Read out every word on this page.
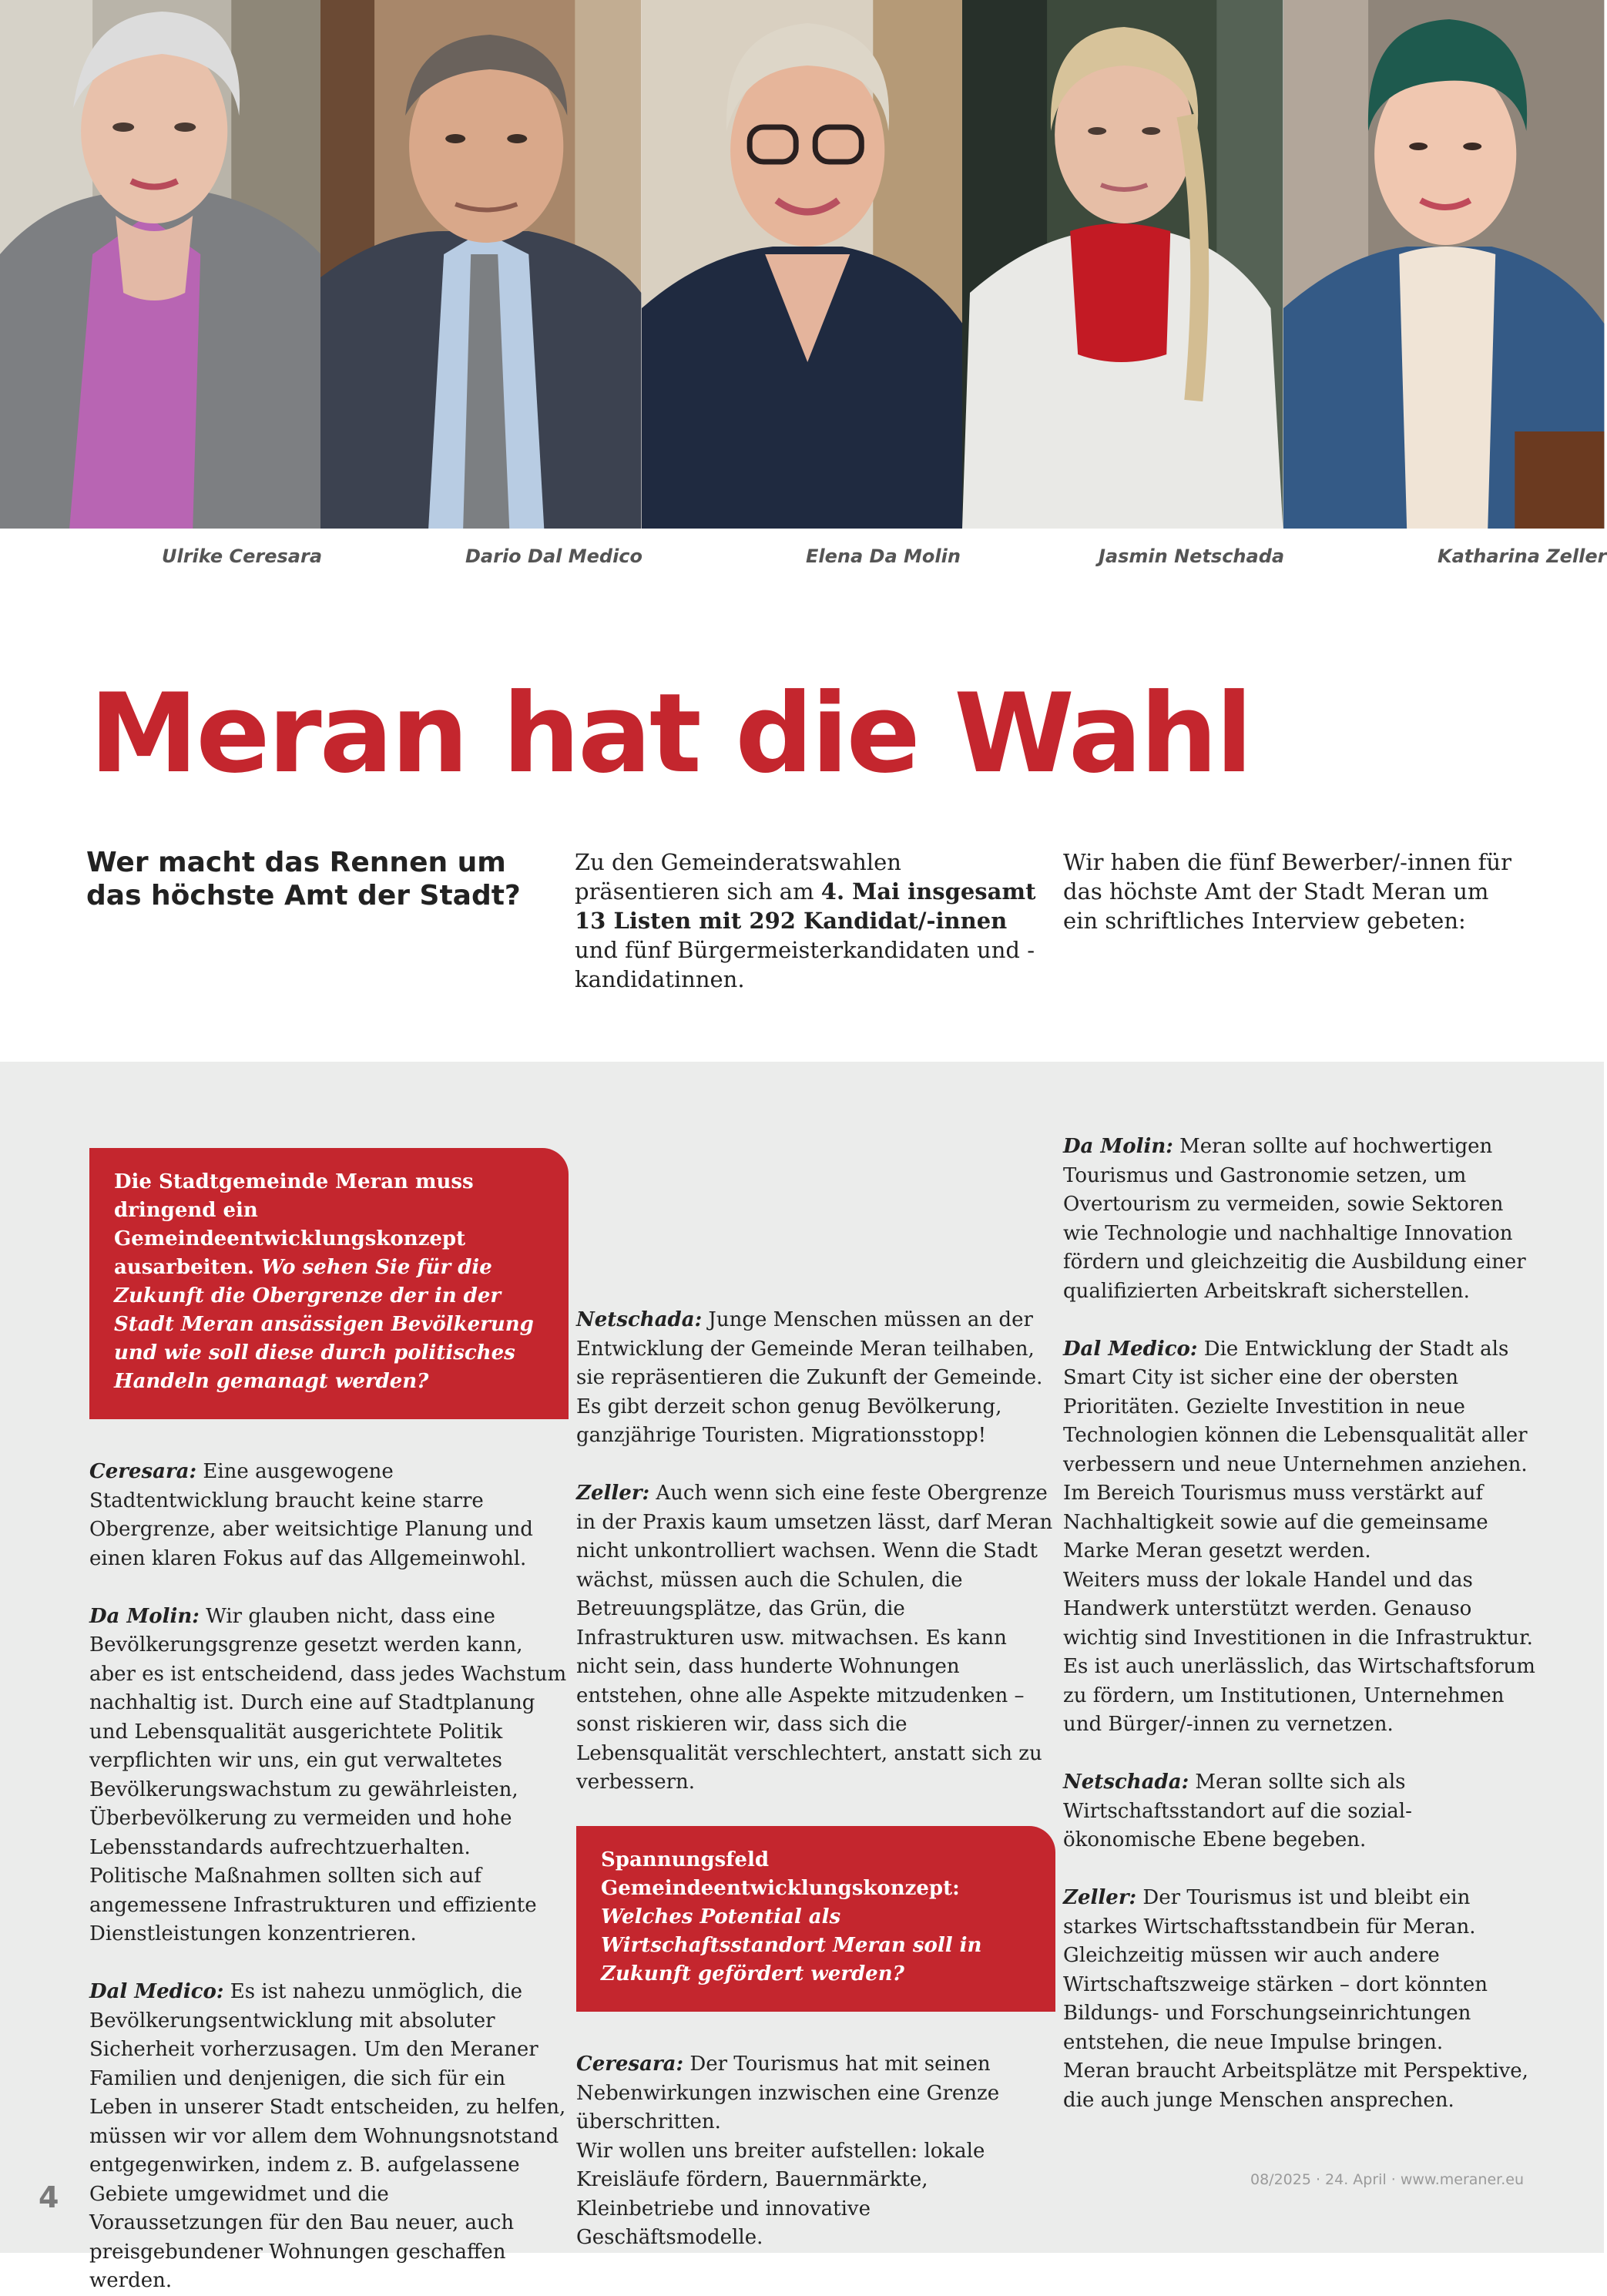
Ulrike Ceresara	Dario Dal Medico	Elena Da Molin	Jasmin Netschada	Katharina Zeller
Meran hat die Wahl
Wer macht das Rennen um das höchste Amt der Stadt?
Zu den Gemeinderatswahlen präsentieren sich am 4. Mai insgesamt 13 Listen mit 292 Kandidat/-innen und fünf Bürgermeisterkandidaten und -kandidatinnen.
Wir haben die fünf Bewerber/-innen für das höchste Amt der Stadt Meran um ein schriftliches Interview gebeten:
Die Stadtgemeinde Meran muss dringend ein Gemeindeentwicklungskonzept ausarbeiten. Wo sehen Sie für die Zukunft die Obergrenze der in der Stadt Meran ansässigen Bevölkerung und wie soll diese durch politisches Handeln gemanagt werden?

Ceresara: Eine ausgewogene Stadtentwicklung braucht keine starre Obergrenze, aber weitsichtige Planung und einen klaren Fokus auf das Allgemeinwohl.

Da Molin: Wir glauben nicht, dass eine Bevölkerungsgrenze gesetzt werden kann, aber es ist entscheidend, dass jedes Wachstum nachhaltig ist. Durch eine auf Stadtplanung und Lebensqualität ausgerichtete Politik verpflichten wir uns, ein gut verwaltetes Bevölkerungswachstum zu gewährleisten, Überbevölkerung zu vermeiden und hohe Lebensstandards aufrechtzuerhalten. Politische Maßnahmen sollten sich auf angemessene Infrastrukturen und effiziente Dienstleistungen konzentrieren.

Dal Medico: Es ist nahezu unmöglich, die Bevölkerungsentwicklung mit absoluter Sicherheit vorherzusagen. Um den Meraner Familien und denjenigen, die sich für ein Leben in unserer Stadt entscheiden, zu helfen, müssen wir vor allem dem Wohnungsnotstand entgegenwirken, indem z. B. aufgelassene Gebiete umgewidmet und die Voraussetzungen für den Bau neuer, auch preisgebundener Wohnungen geschaffen werden.

Netschada: Junge Menschen müssen an der Entwicklung der Gemeinde Meran teilhaben, sie repräsentieren die Zukunft der Gemeinde. Es gibt derzeit schon genug Bevölkerung, ganzjährige Touristen. Migrationsstopp!

Zeller: Auch wenn sich eine feste Obergrenze in der Praxis kaum umsetzen lässt, darf Meran nicht unkontrolliert wachsen. Wenn die Stadt wächst, müssen auch die Schulen, die Betreuungsplätze, das Grün, die Infrastrukturen usw. mitwachsen. Es kann nicht sein, dass hunderte Wohnungen entstehen, ohne alle Aspekte mitzudenken – sonst riskieren wir, dass sich die Lebensqualität verschlechtert, anstatt sich zu verbessern.

Spannungsfeld Gemeindeentwicklungskonzept: Welches Potential als Wirtschaftsstandort Meran soll in Zukunft gefördert werden?

Ceresara: Der Tourismus hat mit seinen Nebenwirkungen inzwischen eine Grenze überschritten.
Wir wollen uns breiter aufstellen: lokale Kreisläufe fördern, Bauernmärkte, Kleinbetriebe und innovative Geschäftsmodelle.

Da Molin: Meran sollte auf hochwertigen Tourismus und Gastronomie setzen, um Overtourism zu vermeiden, sowie Sektoren wie Technologie und nachhaltige Innovation fördern und gleichzeitig die Ausbildung einer qualifizierten Arbeitskraft sicherstellen.

Dal Medico: Die Entwicklung der Stadt als Smart City ist sicher eine der obersten Prioritäten. Gezielte Investition in neue Technologien können die Lebensqualität aller verbessern und neue Unternehmen anziehen. Im Bereich Tourismus muss verstärkt auf Nachhaltigkeit sowie auf die gemeinsame Marke Meran gesetzt werden.
Weiters muss der lokale Handel und das Handwerk unterstützt werden. Genauso wichtig sind Investitionen in die Infrastruktur. Es ist auch unerlässlich, das Wirtschaftsforum zu fördern, um Institutionen, Unternehmen und Bürger/-innen zu vernetzen.

Netschada: Meran sollte sich als Wirtschaftsstandort auf die sozial-ökonomische Ebene begeben.

Zeller: Der Tourismus ist und bleibt ein starkes Wirtschaftsstandbein für Meran. Gleichzeitig müssen wir auch andere Wirtschaftszweige stärken – dort könnten Bildungs- und Forschungseinrichtungen entstehen, die neue Impulse bringen.
Meran braucht Arbeitsplätze mit Perspektive, die auch junge Menschen ansprechen.

4
08/2025 · 24. April · www.meraner.eu
